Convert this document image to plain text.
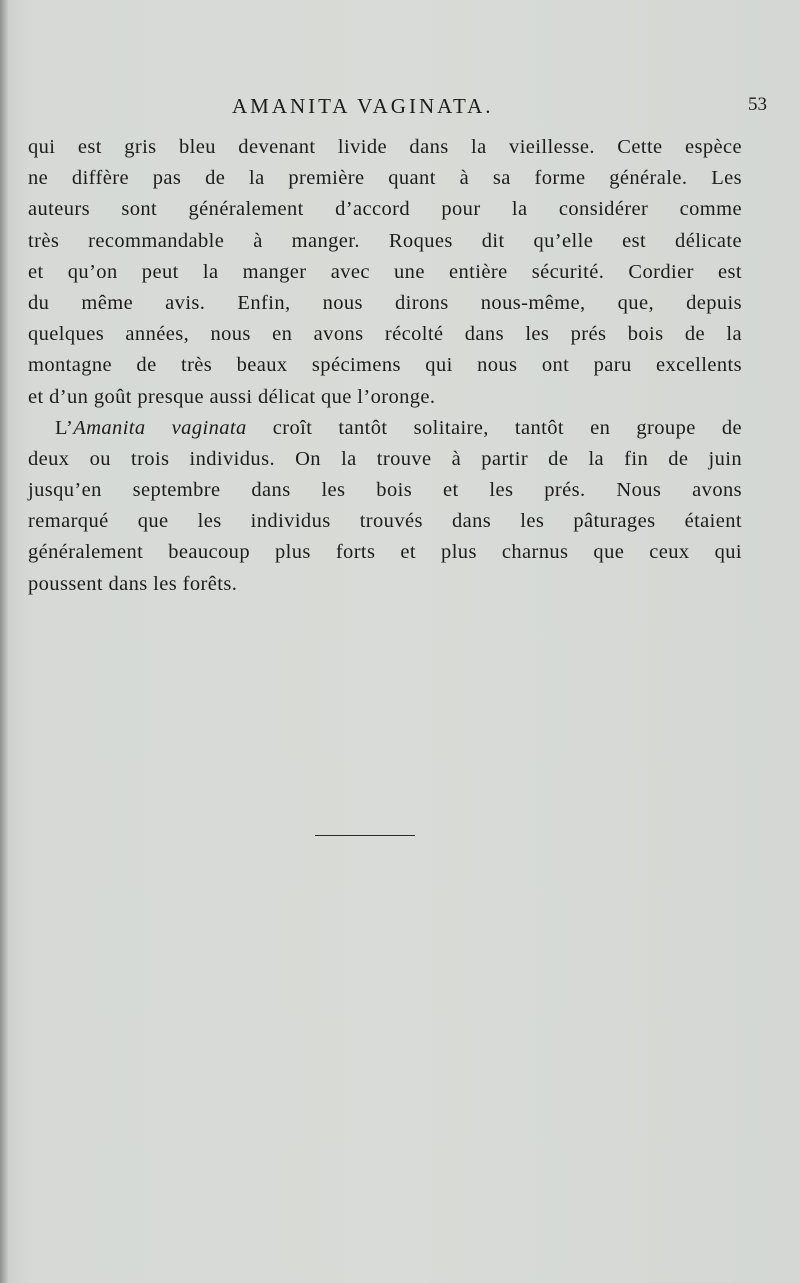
AMANITA VAGINATA.	53
qui est gris bleu devenant livide dans la vieillesse. Cette espèce
ne diffère pas de la première quant à sa forme générale. Les
auteurs sont généralement d’accord pour la considérer comme
très recommandable à manger. Roques dit qu’elle est délicate
et qu’on peut la manger avec une entière sécurité. Cordier est
du même avis. Enfin, nous dirons nous-même, que, depuis
quelques années, nous en avons récolté dans les prés bois de la
montagne de très beaux spécimens qui nous ont paru excellents
et d’un goût presque aussi délicat que l’oronge.
L’Amanita vaginata croît tantôt solitaire, tantôt en groupe de
deux ou trois individus. On la trouve à partir de la fin de juin
jusqu’en septembre dans les bois et les prés. Nous avons
remarqué que les individus trouvés dans les pâturages étaient
généralement beaucoup plus forts et plus charnus que ceux qui
poussent dans les forêts.
